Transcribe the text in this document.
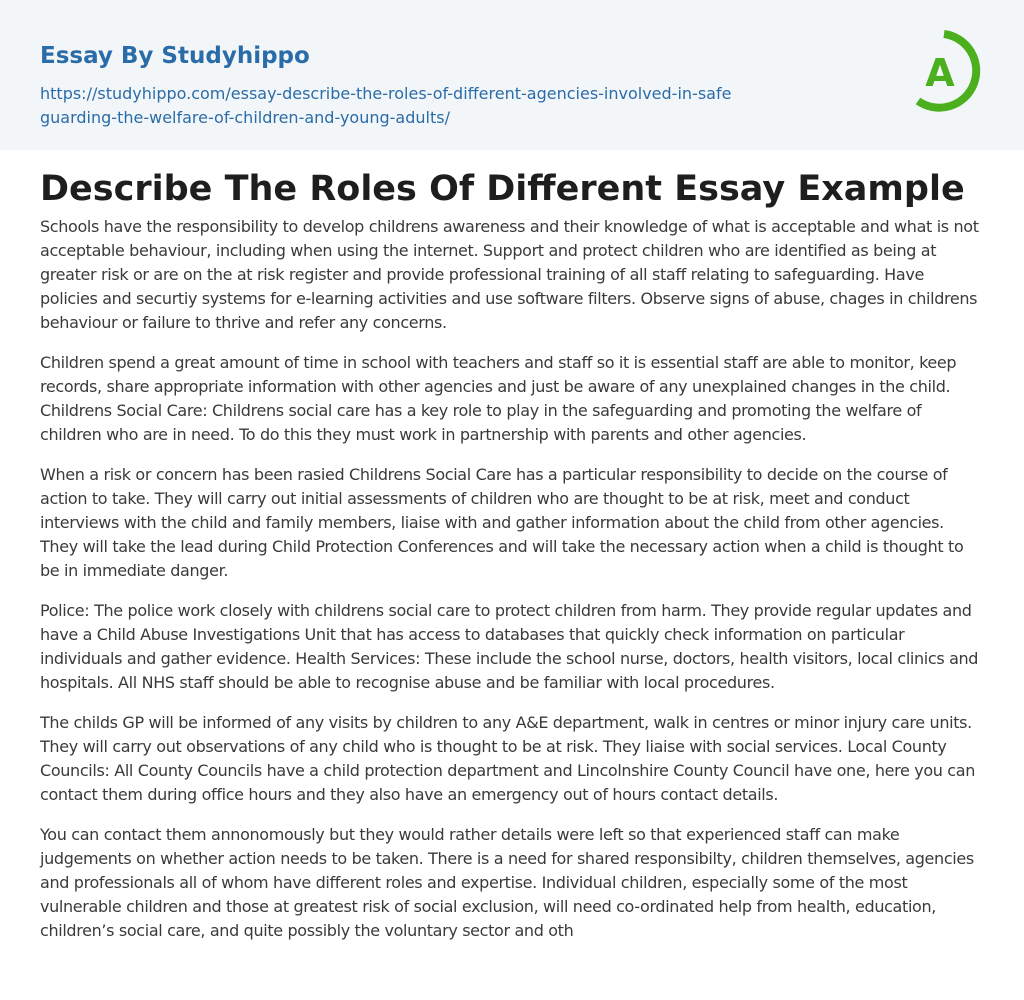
Essay By Studyhippo
https://studyhippo.com/essay-describe-the-roles-of-different-agencies-involved-in-safeguarding-the-welfare-of-children-and-young-adults/
A
Describe The Roles Of Different Essay Example

Schools have the responsibility to develop childrens awareness and their knowledge of what is acceptable and what is not acceptable behaviour, including when using the internet. Support and protect children who are identified as being at greater risk or are on the at risk register and provide professional training of all staff relating to safeguarding. Have policies and securtiy systems for e-learning activities and use software filters. Observe signs of abuse, chages in childrens behaviour or failure to thrive and refer any concerns.

Children spend a great amount of time in school with teachers and staff so it is essential staff are able to monitor, keep records, share appropriate information with other agencies and just be aware of any unexplained changes in the child. Childrens Social Care: Childrens social care has a key role to play in the safeguarding and promoting the welfare of children who are in need. To do this they must work in partnership with parents and other agencies.

When a risk or concern has been rasied Childrens Social Care has a particular responsibility to decide on the course of action to take. They will carry out initial assessments of children who are thought to be at risk, meet and conduct interviews with the child and family members, liaise with and gather information about the child from other agencies. They will take the lead during Child Protection Conferences and will take the necessary action when a child is thought to be in immediate danger.

Police: The police work closely with childrens social care to protect children from harm. They provide regular updates and have a Child Abuse Investigations Unit that has access to databases that quickly check information on particular individuals and gather evidence. Health Services: These include the school nurse, doctors, health visitors, local clinics and hospitals. All NHS staff should be able to recognise abuse and be familiar with local procedures.

The childs GP will be informed of any visits by children to any A&E department, walk in centres or minor injury care units. They will carry out observations of any child who is thought to be at risk. They liaise with social services. Local County Councils: All County Councils have a child protection department and Lincolnshire County Council have one, here you can contact them during office hours and they also have an emergency out of hours contact details.

You can contact them annonomously but they would rather details were left so that experienced staff can make judgements on whether action needs to be taken. There is a need for shared responsibilty, children themselves, agencies and professionals all of whom have different roles and expertise. Individual children, especially some of the most vulnerable children and those at greatest risk of social exclusion, will need co-ordinated help from health, education, children’s social care, and quite possibly the voluntary sector and oth
